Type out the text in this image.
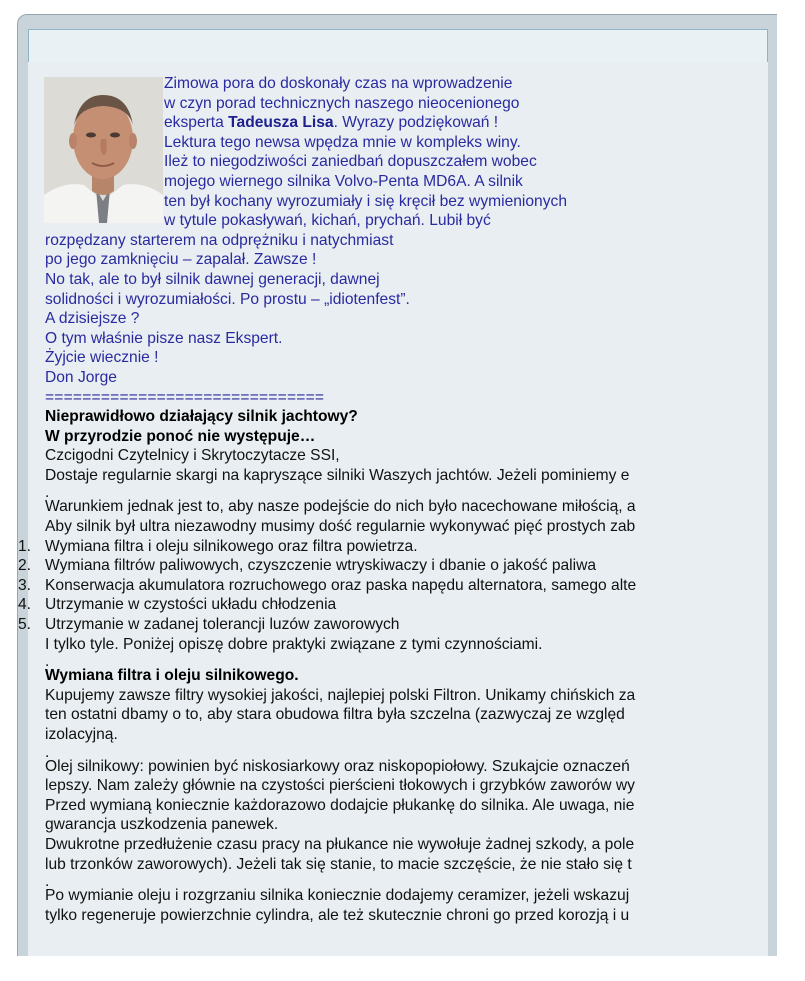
Zimowa pora do doskonały czas na wprowadzenie

w czyn porad technicznych naszego nieocenionego

eksperta Tadeusza Lisa. Wyrazy podziękowań !

Lektura tego newsa wpędza mnie w kompleks winy.

Ileż to niegodziwości zaniedbań dopuszczałem wobec

mojego wiernego silnika Volvo-Penta MD6A. A silnik

ten był kochany wyrozumiały i się kręcił bez wymienionych

w tytule pokasływań, kichań, prychań. Lubił być

rozpędzany starterem na odprężniku i natychmiast

po jego zamknięciu – zapalał. Zawsze !

No tak, ale to był silnik dawnej generacji, dawnej

solidności i wyrozumiałości. Po prostu – „idiotenfest”.

A dzisiejsze ?

O tym właśnie pisze nasz Ekspert.

Żyjcie wiecznie !

Don Jorge

==============================

Nieprawidłowo działający silnik jachtowy?

W przyrodzie ponoć nie występuje…

Czcigodni Czytelnicy i Skrytoczytacze SSI,

Dostaje regularnie skargi na kapryszące silniki Waszych jachtów. Jeżeli pominiemy e

.

Warunkiem jednak jest to, aby nasze podejście do nich było nacechowane miłością, a

Aby silnik był ultra niezawodny musimy dość regularnie wykonywać pięć prostych zab

1. Wymiana filtra i oleju silnikowego oraz filtra powietrza.
2. Wymiana filtrów paliwowych, czyszczenie wtryskiwaczy i dbanie o jakość paliwa
3. Konserwacja akumulatora rozruchowego oraz paska napędu alternatora, samego alte
4. Utrzymanie w czystości układu chłodzenia
5. Utrzymanie w zadanej tolerancji luzów zaworowych

I tylko tyle. Poniżej opiszę dobre praktyki związane z tymi czynnościami.

.

Wymiana filtra i oleju silnikowego.

Kupujemy zawsze filtry wysokiej jakości, najlepiej polski Filtron. Unikamy chińskich za

ten ostatni dbamy o to, aby stara obudowa filtra była szczelna (zazwyczaj ze względ

izolacyjną.

.

Olej silnikowy: powinien być niskosiarkowy oraz niskopopiołowy. Szukajcie oznaczeń

lepszy. Nam zależy głównie na czystości pierścieni tłokowych i grzybków zaworów wy

Przed wymianą koniecznie każdorazowo dodajcie płukankę do silnika. Ale uwaga, nie

gwarancja uszkodzenia panewek.

Dwukrotne przedłużenie czasu pracy na płukance nie wywołuje żadnej szkody, a pole

lub trzonków zaworowych). Jeżeli tak się stanie, to macie szczęście, że nie stało się t

.

Po wymianie oleju i rozgrzaniu silnika koniecznie dodajemy ceramizer, jeżeli wskazuj

tylko regeneruje powierzchnie cylindra, ale też skutecznie chroni go przed korozją i u
